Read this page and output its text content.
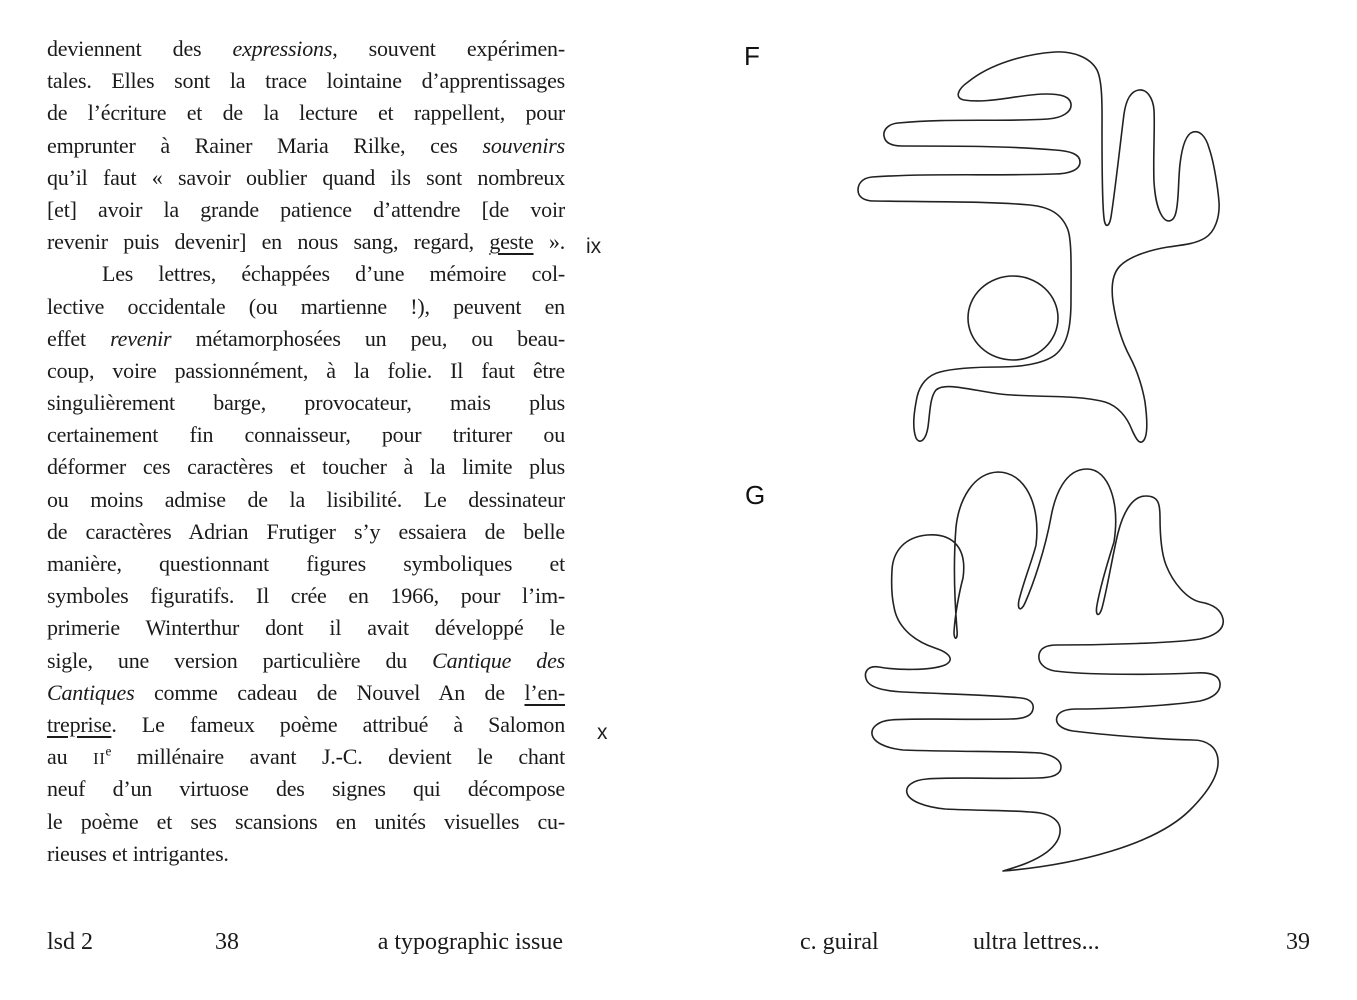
deviennent des expressions, souvent expérimen-
tales. Elles sont la trace lointaine d’apprentissages
de l’écriture et de la lecture et rappellent, pour
emprunter à Rainer Maria Rilke, ces souvenirs
qu’il faut « savoir oublier quand ils sont nombreux
[et] avoir la grande patience d’attendre [de voir
revenir puis devenir] en nous sang, regard, geste ».
Les lettres, échappées d’une mémoire col-
lective occidentale (ou martienne !), peuvent en
effet revenir métamorphosées un peu, ou beau-
coup, voire passionnément, à la folie. Il faut être
singulièrement barge, provocateur, mais plus
certainement fin connaisseur, pour triturer ou
déformer ces caractères et toucher à la limite plus
ou moins admise de la lisibilité. Le dessinateur
de caractères Adrian Frutiger s’y essaiera de belle
manière, questionnant figures symboliques et
symboles figuratifs. Il crée en 1966, pour l’im-
primerie Winterthur dont il avait développé le
sigle, une version particulière du Cantique des
Cantiques comme cadeau de Nouvel An de l’en-
treprise. Le fameux poème attribué à Salomon
au IIe millénaire avant J.-C. devient le chant
neuf d’un virtuose des signes qui décompose
le poème et ses scansions en unités visuelles cu-
rieuses et intrigantes.
ix
x
F
G
lsd 2	38	a typographic issue	c. guiral	ultra lettres...	39
